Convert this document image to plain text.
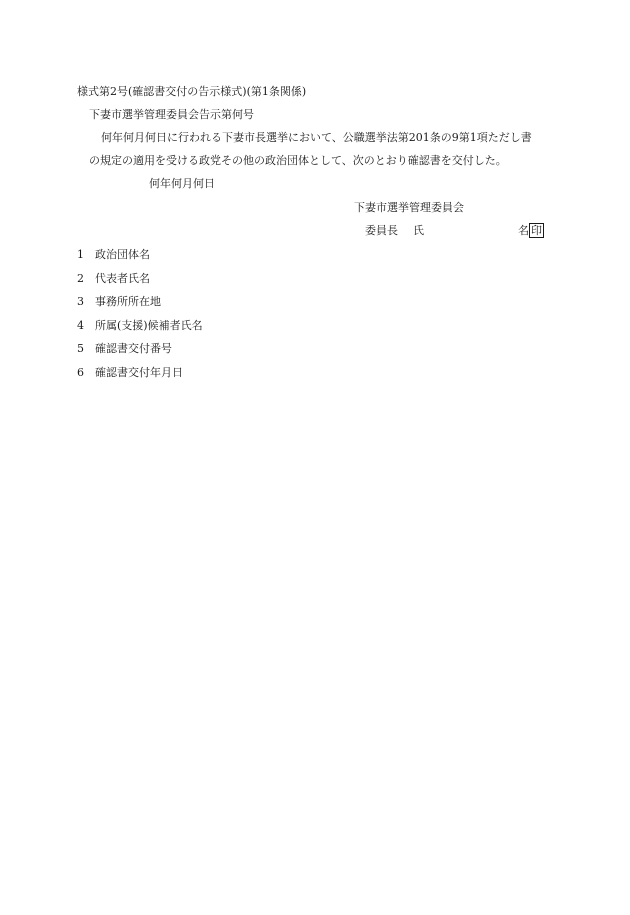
様式第2号(確認書交付の告示様式)(第1条関係)
下妻市選挙管理委員会告示第何号
何年何月何日に行われる下妻市長選挙において、公職選挙法第201条の9第1項ただし書
の規定の適用を受ける政党その他の政治団体として、次のとおり確認書を交付した。
何年何月何日
下妻市選挙管理委員会
委員長 氏	名 印
1 政治団体名
2 代表者氏名
3 事務所所在地
4 所属(支援)候補者氏名
5 確認書交付番号
6 確認書交付年月日
